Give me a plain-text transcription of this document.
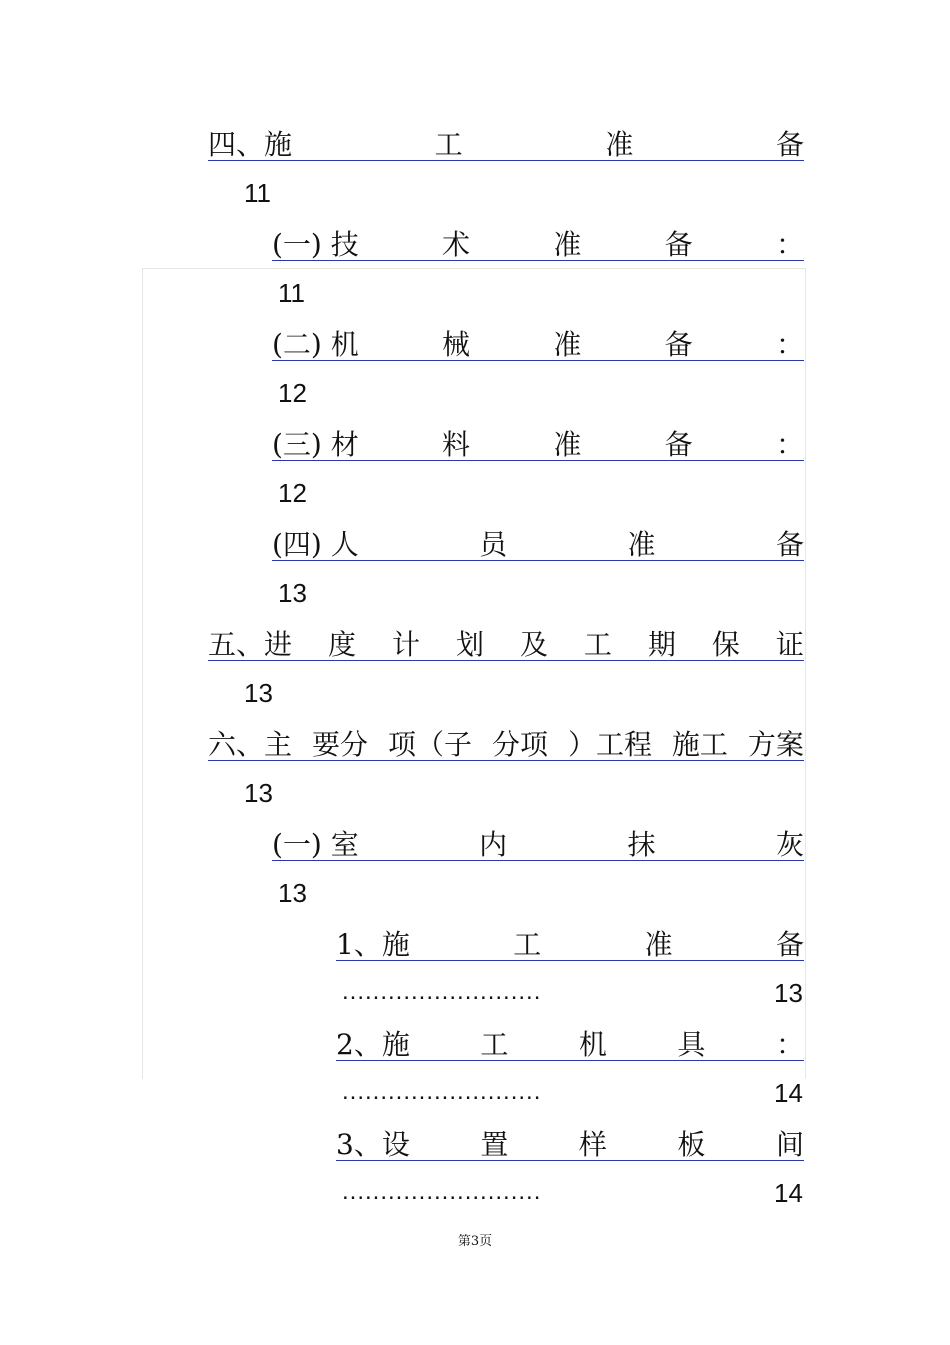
四、施	工	准	备
11
(一) 技	术	准	备	：
11
(二) 机	械	准	备	：
12
(三) 材	料	准	备	：
12
(四) 人	员	准	备
13
五、进 度 计 划 及 工 期 保 证
13
六、主 要分 项（子 分项 ）工程 施工 方案
13
(一) 室	内	抹	灰
13
1、施	工	准	备
..........................	13
2、施	工	机	具	：
..........................	14
3、设	置	样	板	间
..........................	14
第3页
